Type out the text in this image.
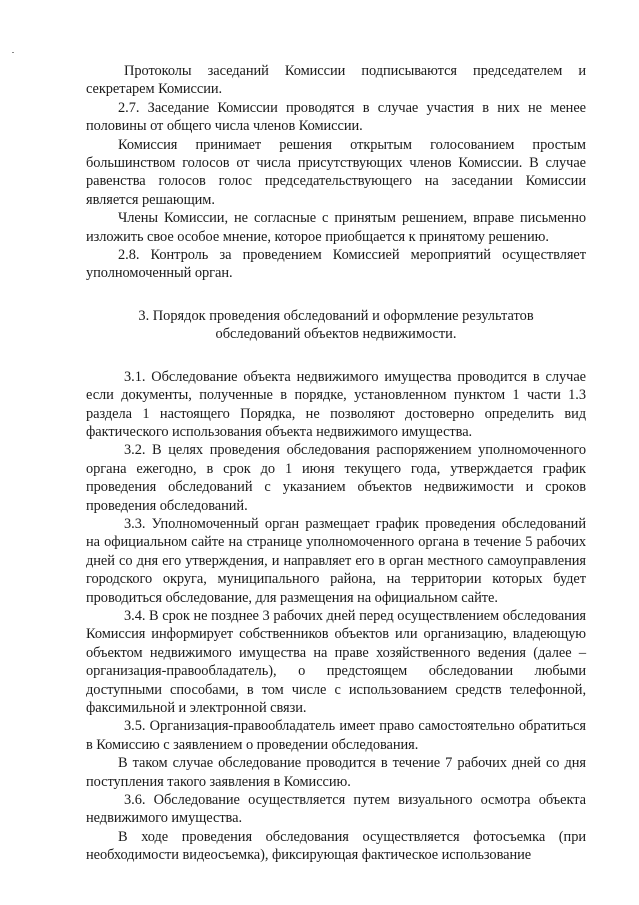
Протоколы заседаний Комиссии подписываются председателем и секретарем Комиссии.

2.7. Заседание Комиссии проводятся в случае участия в них не менее половины от общего числа членов Комиссии.

Комиссия принимает решения открытым голосованием простым большинством голосов от числа присутствующих членов Комиссии. В случае равенства голосов голос председательствующего на заседании Комиссии является решающим.

Члены Комиссии, не согласные с принятым решением, вправе письменно изложить свое особое мнение, которое приобщается к принятому решению.

2.8. Контроль за проведением Комиссией мероприятий осуществляет уполномоченный орган.

3. Порядок проведения обследований и оформление результатов обследований объектов недвижимости.

3.1. Обследование объекта недвижимого имущества проводится в случае если документы, полученные в порядке, установленном пунктом 1 части 1.3 раздела 1 настоящего Порядка, не позволяют достоверно определить вид фактического использования объекта недвижимого имущества.

3.2. В целях проведения обследования распоряжением уполномоченного органа ежегодно, в срок до 1 июня текущего года, утверждается график проведения обследований с указанием объектов недвижимости и сроков проведения обследований.

3.3. Уполномоченный орган размещает график проведения обследований на официальном сайте на странице уполномоченного органа в течение 5 рабочих дней со дня его утверждения, и направляет его в орган местного самоуправления городского округа, муниципального района, на территории которых будет проводиться обследование, для размещения на официальном сайте.

3.4. В срок не позднее 3 рабочих дней перед осуществлением обследования Комиссия информирует собственников объектов или организацию, владеющую объектом недвижимого имущества на праве хозяйственного ведения (далее – организация-правообладатель), о предстоящем обследовании любыми доступными способами, в том числе с использованием средств телефонной, факсимильной и электронной связи.

3.5. Организация-правообладатель имеет право самостоятельно обратиться в Комиссию с заявлением о проведении обследования.

В таком случае обследование проводится в течение 7 рабочих дней со дня поступления такого заявления в Комиссию.

3.6. Обследование осуществляется путем визуального осмотра объекта недвижимого имущества.

В ходе проведения обследования осуществляется фотосъемка (при необходимости видеосъемка), фиксирующая фактическое использование
